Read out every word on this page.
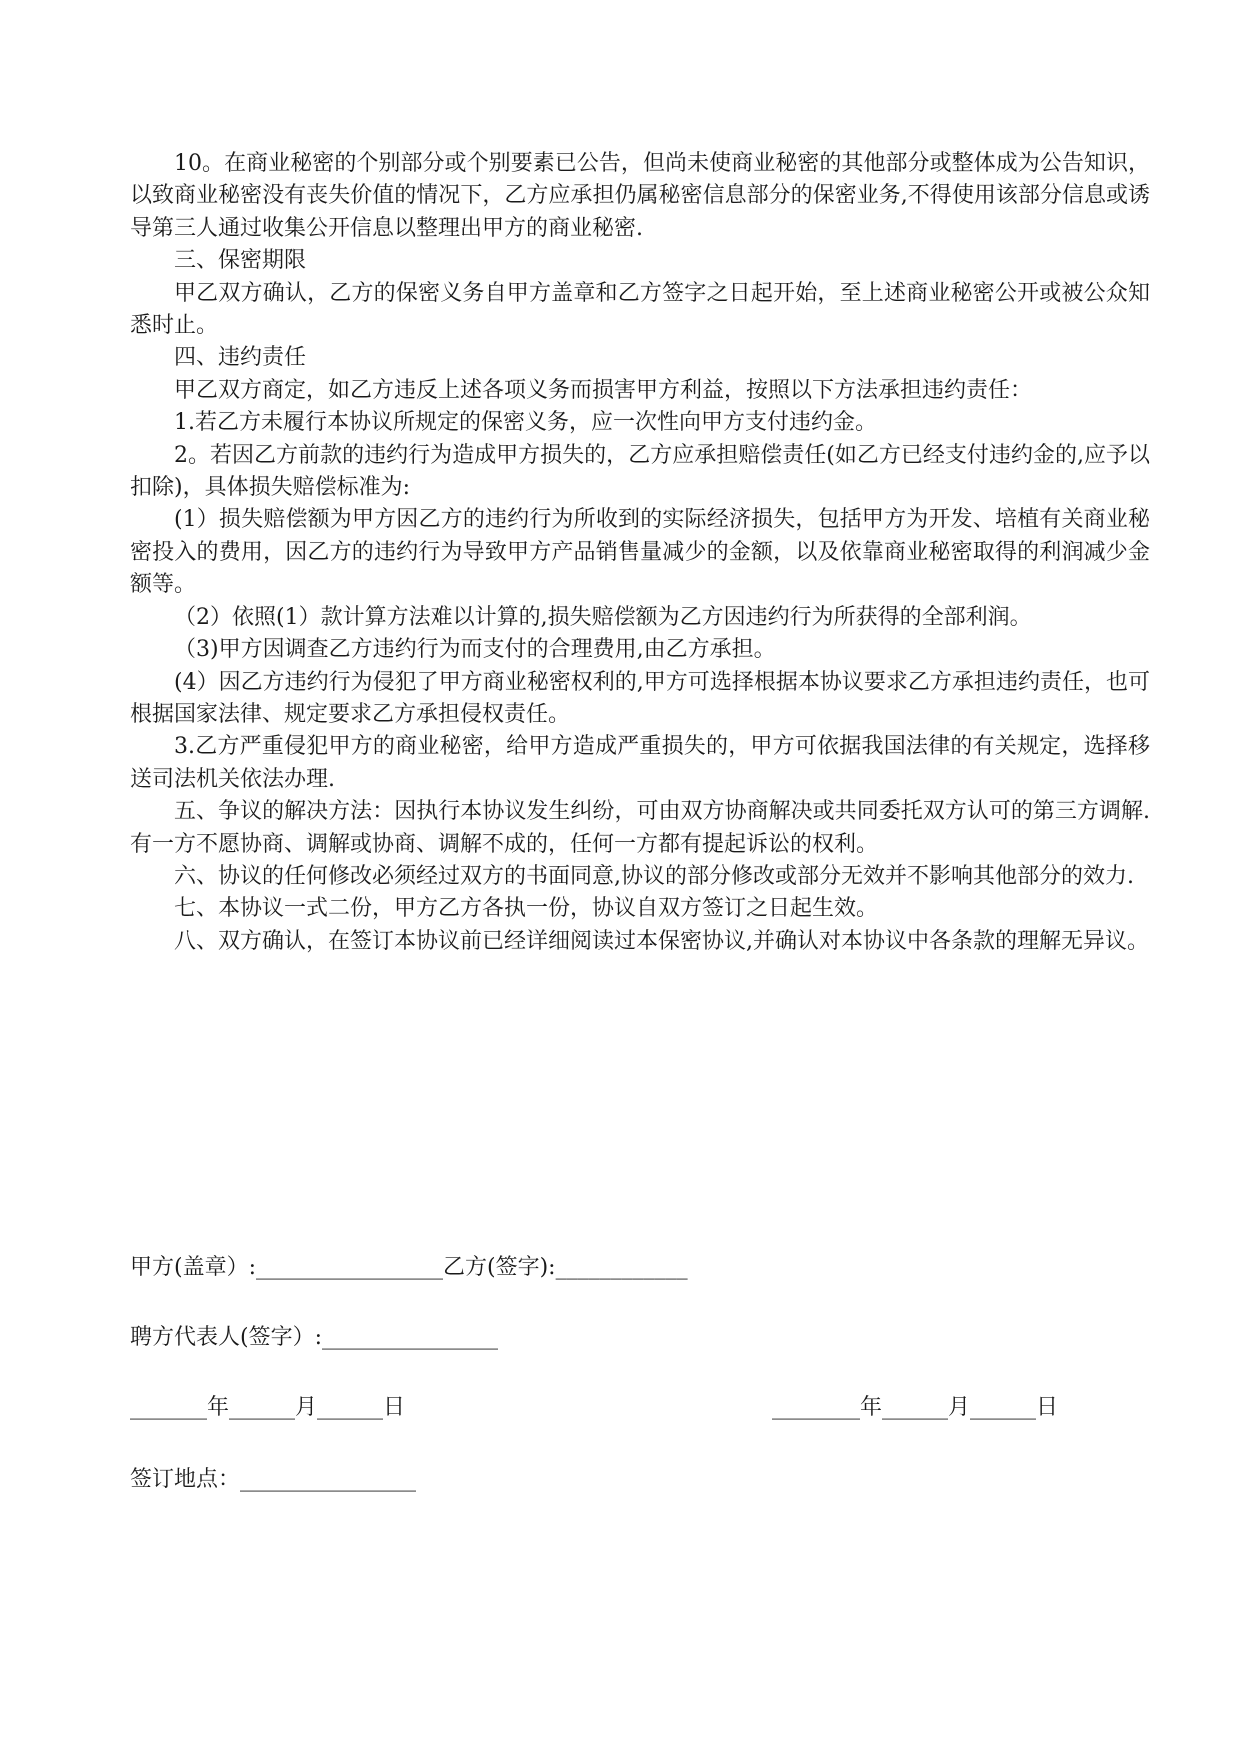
10。在商业秘密的个别部分或个别要素已公告，但尚未使商业秘密的其他部分或整体成为公告知识，以致商业秘密没有丧失价值的情况下，乙方应承担仍属秘密信息部分的保密业务,不得使用该部分信息或诱导第三人通过收集公开信息以整理出甲方的商业秘密.

三、保密期限

甲乙双方确认，乙方的保密义务自甲方盖章和乙方签字之日起开始，至上述商业秘密公开或被公众知悉时止。

四、违约责任

甲乙双方商定，如乙方违反上述各项义务而损害甲方利益，按照以下方法承担违约责任：

1.若乙方未履行本协议所规定的保密义务，应一次性向甲方支付违约金。

2。若因乙方前款的违约行为造成甲方损失的，乙方应承担赔偿责任(如乙方已经支付违约金的,应予以扣除)，具体损失赔偿标准为:

(1）损失赔偿额为甲方因乙方的违约行为所收到的实际经济损失，包括甲方为开发、培植有关商业秘密投入的费用，因乙方的违约行为导致甲方产品销售量减少的金额，以及依靠商业秘密取得的利润减少金额等。

（2）依照(1）款计算方法难以计算的,损失赔偿额为乙方因违约行为所获得的全部利润。

（3)甲方因调查乙方违约行为而支付的合理费用,由乙方承担。

(4）因乙方违约行为侵犯了甲方商业秘密权利的,甲方可选择根据本协议要求乙方承担违约责任，也可根据国家法律、规定要求乙方承担侵权责任。

3.乙方严重侵犯甲方的商业秘密，给甲方造成严重损失的，甲方可依据我国法律的有关规定，选择移送司法机关依法办理.

五、争议的解决方法：因执行本协议发生纠纷，可由双方协商解决或共同委托双方认可的第三方调解.有一方不愿协商、调解或协商、调解不成的，任何一方都有提起诉讼的权利。

六、协议的任何修改必须经过双方的书面同意,协议的部分修改或部分无效并不影响其他部分的效力.

七、本协议一式二份，甲方乙方各执一份，协议自双方签订之日起生效。

八、双方确认，在签订本协议前已经详细阅读过本保密协议,并确认对本协议中各条款的理解无异议。

甲方(盖章）:_________________乙方(签字):____________
聘方代表人(签字）:________________
_______年______月______日	________年______月______日
签订地点：________________
